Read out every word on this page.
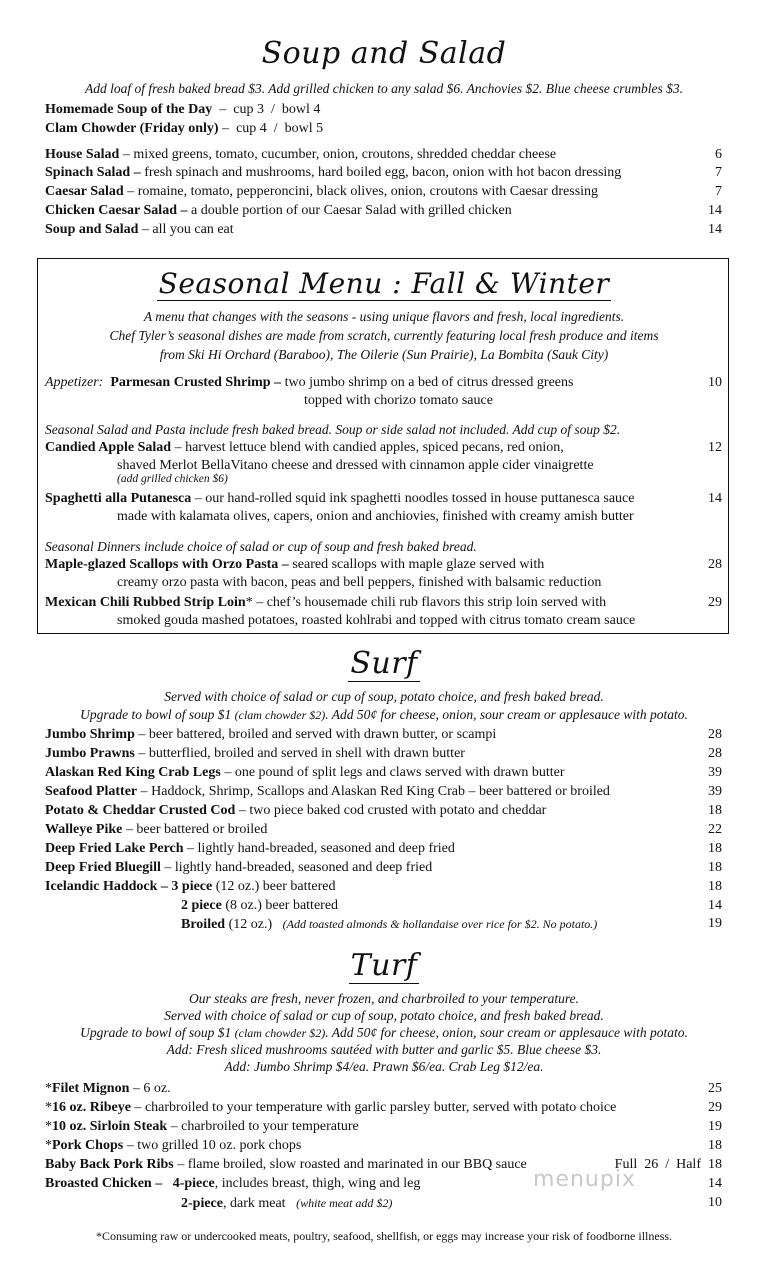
Soup and Salad
Add loaf of fresh baked bread $3. Add grilled chicken to any salad $6. Anchovies $2. Blue cheese crumbles $3.
Homemade Soup of the Day  –  cup 3  /  bowl 4
Clam Chowder (Friday only) –  cup 4  /  bowl 5
House Salad – mixed greens, tomato, cucumber, onion, croutons, shredded cheddar cheese	6
Spinach Salad – fresh spinach and mushrooms, hard boiled egg, bacon, onion with hot bacon dressing	7
Caesar Salad – romaine, tomato, pepperoncini, black olives, onion, croutons with Caesar dressing	7
Chicken Caesar Salad – a double portion of our Caesar Salad with grilled chicken	14
Soup and Salad – all you can eat	14
Seasonal Menu : Fall & Winter
A menu that changes with the seasons - using unique flavors and fresh, local ingredients.
Chef Tyler’s seasonal dishes are made from scratch, currently featuring local fresh produce and items
from Ski Hi Orchard (Baraboo), The Oilerie (Sun Prairie), La Bombita (Sauk City)
Appetizer: Parmesan Crusted Shrimp – two jumbo shrimp on a bed of citrus dressed greens	10
topped with chorizo tomato sauce
Seasonal Salad and Pasta include fresh baked bread. Soup or side salad not included. Add cup of soup $2.
Candied Apple Salad – harvest lettuce blend with candied apples, spiced pecans, red onion,	12
shaved Merlot BellaVitano cheese and dressed with cinnamon apple cider vinaigrette
(add grilled chicken $6)
Spaghetti alla Putanesca – our hand-rolled squid ink spaghetti noodles tossed in house puttanesca sauce	14
made with kalamata olives, capers, onion and anchiovies, finished with creamy amish butter
Seasonal Dinners include choice of salad or cup of soup and fresh baked bread.
Maple-glazed Scallops with Orzo Pasta – seared scallops with maple glaze served with	28
creamy orzo pasta with bacon, peas and bell peppers, finished with balsamic reduction
Mexican Chili Rubbed Strip Loin* – chef’s housemade chili rub flavors this strip loin served with	29
smoked gouda mashed potatoes, roasted kohlrabi and topped with citrus tomato cream sauce
Surf
Served with choice of salad or cup of soup, potato choice, and fresh baked bread.
Upgrade to bowl of soup $1 (clam chowder $2). Add 50¢ for cheese, onion, sour cream or applesauce with potato.
Jumbo Shrimp – beer battered, broiled and served with drawn butter, or scampi	28
Jumbo Prawns – butterflied, broiled and served in shell with drawn butter	28
Alaskan Red King Crab Legs – one pound of split legs and claws served with drawn butter	39
Seafood Platter – Haddock, Shrimp, Scallops and Alaskan Red King Crab – beer battered or broiled	39
Potato & Cheddar Crusted Cod – two piece baked cod crusted with potato and cheddar	18
Walleye Pike – beer battered or broiled	22
Deep Fried Lake Perch – lightly hand-breaded, seasoned and deep fried	18
Deep Fried Bluegill – lightly hand-breaded, seasoned and deep fried	18
Icelandic Haddock – 3 piece (12 oz.) beer battered	18
2 piece (8 oz.) beer battered	14
Broiled (12 oz.) (Add toasted almonds & hollandaise over rice for $2. No potato.)	19
Turf
Our steaks are fresh, never frozen, and charbroiled to your temperature.
Served with choice of salad or cup of soup, potato choice, and fresh baked bread.
Upgrade to bowl of soup $1 (clam chowder $2). Add 50¢ for cheese, onion, sour cream or applesauce with potato.
Add: Fresh sliced mushrooms sautéed with butter and garlic $5. Blue cheese $3.
Add: Jumbo Shrimp $4/ea. Prawn $6/ea. Crab Leg $12/ea.
*Filet Mignon – 6 oz.	25
*16 oz. Ribeye – charbroiled to your temperature with garlic parsley butter, served with potato choice	29
*10 oz. Sirloin Steak – charbroiled to your temperature	19
*Pork Chops – two grilled 10 oz. pork chops	18
Baby Back Pork Ribs – flame broiled, slow roasted and marinated in our BBQ sauce	Full  26  /  Half  18
Broasted Chicken – 4-piece, includes breast, thigh, wing and leg	14
2-piece, dark meat (white meat add $2)	10
menupix
*Consuming raw or undercooked meats, poultry, seafood, shellfish, or eggs may increase your risk of foodborne illness.
